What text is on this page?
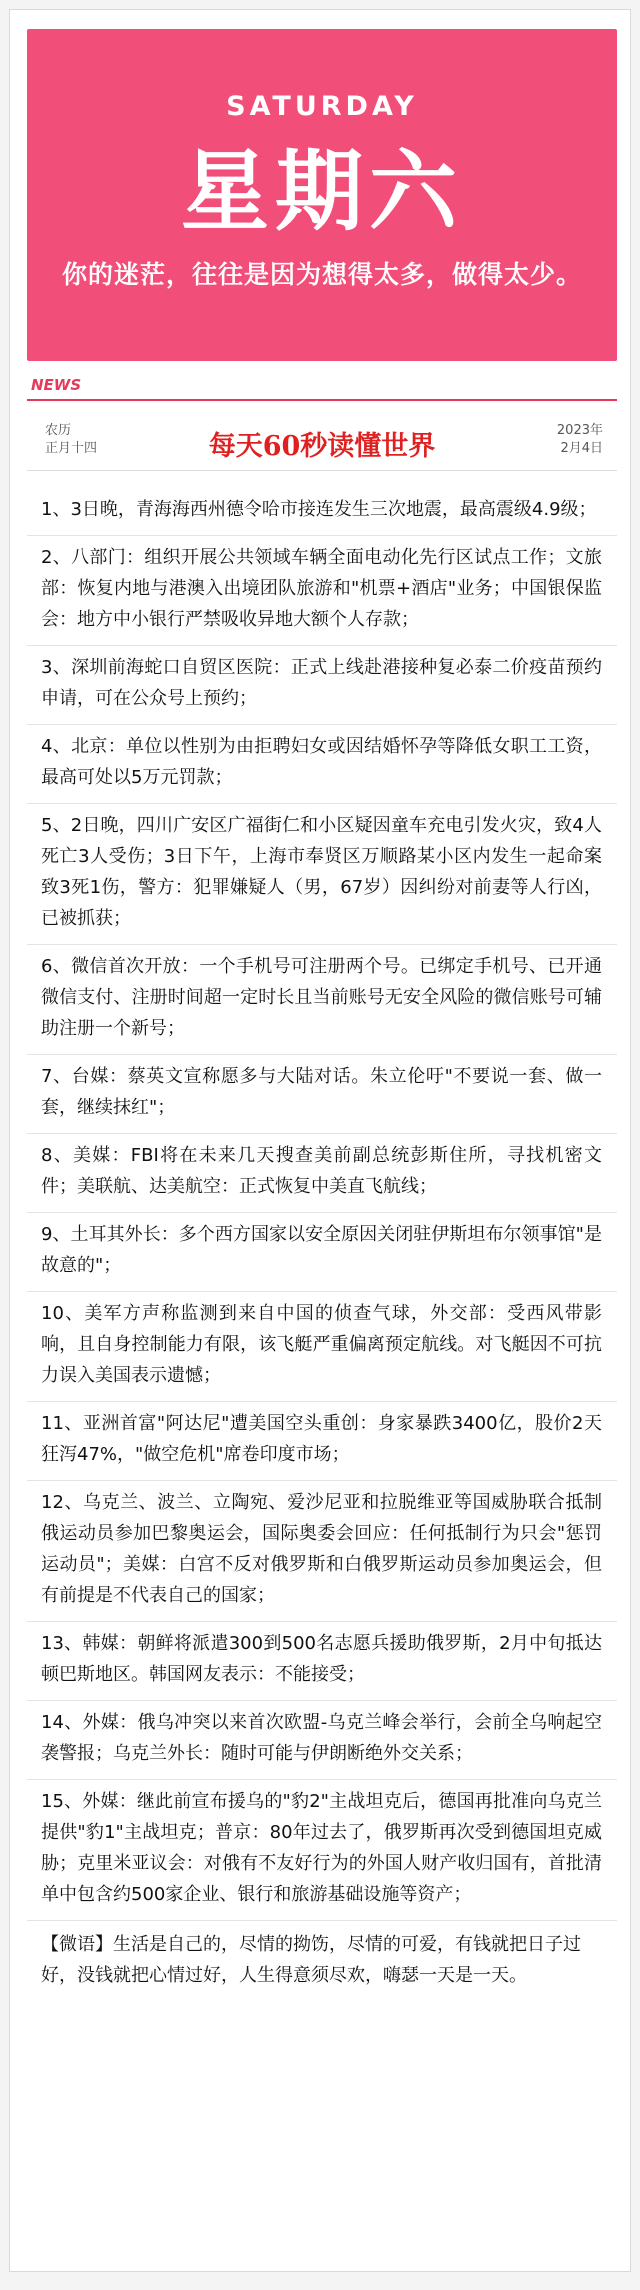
SATURDAY
星期六
你的迷茫，往往是因为想得太多，做得太少。
NEWS
农历
正月十四	每天60秒读懂世界
2023年
2月4日
1、3日晚，青海海西州德令哈市接连发生三次地震，最高震级4.9级；
2、八部门：组织开展公共领域车辆全面电动化先行区试点工作；文旅部：恢复内地与港澳入出境团队旅游和"机票+酒店"业务；中国银保监会：地方中小银行严禁吸收异地大额个人存款；
3、深圳前海蛇口自贸区医院：正式上线赴港接种复必泰二价疫苗预约申请，可在公众号上预约；
4、北京：单位以性别为由拒聘妇女或因结婚怀孕等降低女职工工资，最高可处以5万元罚款；
5、2日晚，四川广安区广福街仁和小区疑因童车充电引发火灾，致4人死亡3人受伤；3日下午，上海市奉贤区万顺路某小区内发生一起命案致3死1伤，警方：犯罪嫌疑人（男，67岁）因纠纷对前妻等人行凶，已被抓获；
6、微信首次开放：一个手机号可注册两个号。已绑定手机号、已开通微信支付、注册时间超一定时长且当前账号无安全风险的微信账号可辅助注册一个新号；
7、台媒：蔡英文宣称愿多与大陆对话。朱立伦吁"不要说一套、做一套，继续抹红"；
8、美媒：FBI将在未来几天搜查美前副总统彭斯住所，寻找机密文件；美联航、达美航空：正式恢复中美直飞航线；
9、土耳其外长：多个西方国家以安全原因关闭驻伊斯坦布尔领事馆"是故意的"；
10、美军方声称监测到来自中国的侦查气球，外交部：受西风带影响，且自身控制能力有限，该飞艇严重偏离预定航线。对飞艇因不可抗力误入美国表示遗憾；
11、亚洲首富"阿达尼"遭美国空头重创：身家暴跌3400亿，股价2天狂泻47%，"做空危机"席卷印度市场；
12、乌克兰、波兰、立陶宛、爱沙尼亚和拉脱维亚等国威胁联合抵制俄运动员参加巴黎奥运会，国际奥委会回应：任何抵制行为只会"惩罚运动员"；美媒：白宫不反对俄罗斯和白俄罗斯运动员参加奥运会，但有前提是不代表自己的国家；
13、韩媒：朝鲜将派遣300到500名志愿兵援助俄罗斯，2月中旬抵达顿巴斯地区。韩国网友表示：不能接受；
14、外媒：俄乌冲突以来首次欧盟-乌克兰峰会举行，会前全乌响起空袭警报；乌克兰外长：随时可能与伊朗断绝外交关系；
15、外媒：继此前宣布援乌的"豹2"主战坦克后，德国再批准向乌克兰提供"豹1"主战坦克；普京：80年过去了，俄罗斯再次受到德国坦克威胁；克里米亚议会：对俄有不友好行为的外国人财产收归国有，首批清单中包含约500家企业、银行和旅游基础设施等资产；
【微语】生活是自己的，尽情的拗饬，尽情的可爱，有钱就把日子过好，没钱就把心情过好，人生得意须尽欢，嗨瑟一天是一天。
